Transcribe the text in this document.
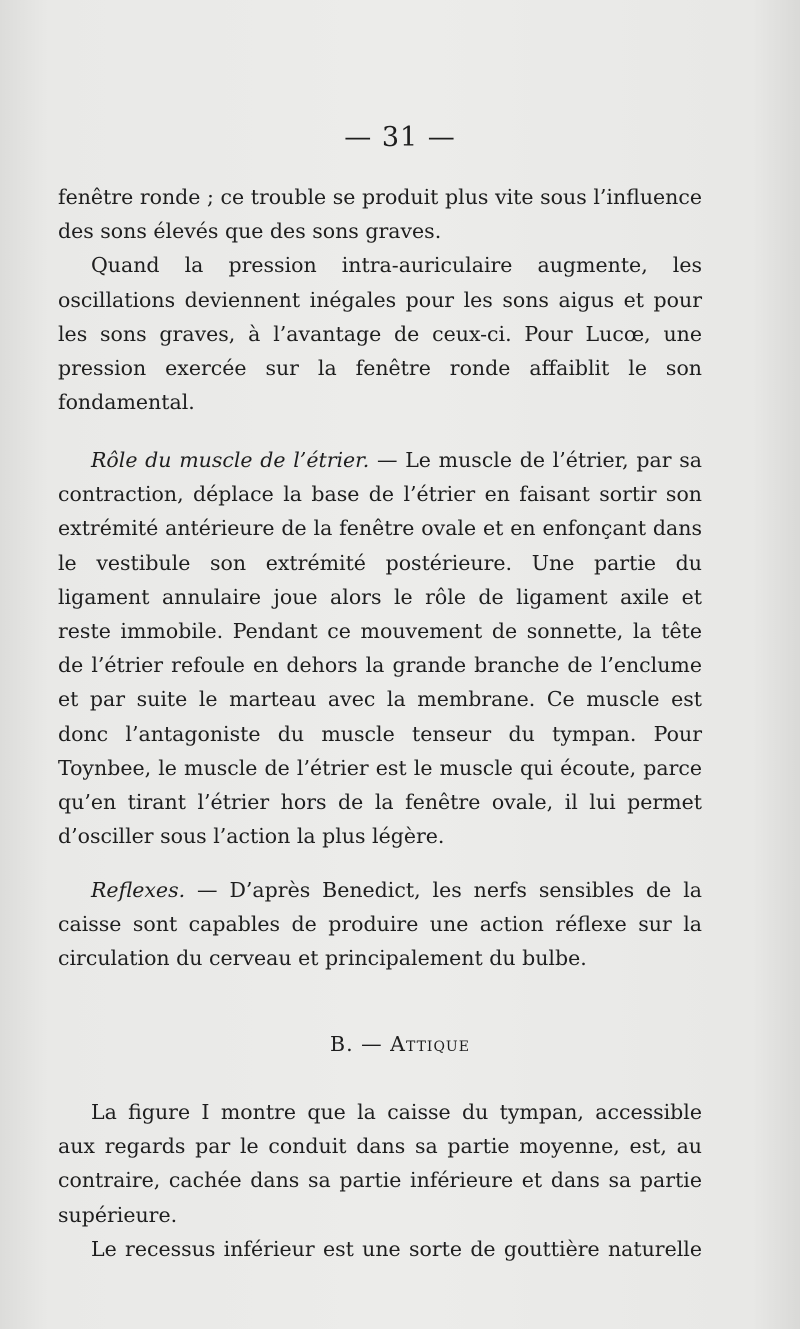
— 31 —

fenêtre ronde ; ce trouble se produit plus vite sous l’influence des sons élevés que des sons graves.

Quand la pression intra-auriculaire augmente, les oscillations deviennent inégales pour les sons aigus et pour les sons graves, à l’avantage de ceux-ci. Pour Lucœ, une pression exercée sur la fenêtre ronde affaiblit le son fondamental.

Rôle du muscle de l’étrier. — Le muscle de l’étrier, par sa contraction, déplace la base de l’étrier en faisant sortir son extrémité antérieure de la fenêtre ovale et en enfonçant dans le vestibule son extrémité postérieure. Une partie du ligament annulaire joue alors le rôle de ligament axile et reste immobile. Pendant ce mouvement de sonnette, la tête de l’étrier refoule en dehors la grande branche de l’enclume et par suite le marteau avec la membrane. Ce muscle est donc l’antagoniste du muscle tenseur du tympan. Pour Toynbee, le muscle de l’étrier est le muscle qui écoute, parce qu’en tirant l’étrier hors de la fenêtre ovale, il lui permet d’osciller sous l’action la plus légère.

Reflexes. — D’après Benedict, les nerfs sensibles de la caisse sont capables de produire une action réflexe sur la circulation du cerveau et principalement du bulbe.

B. — Attique

La figure I montre que la caisse du tympan, accessible aux regards par le conduit dans sa partie moyenne, est, au contraire, cachée dans sa partie inférieure et dans sa partie supérieure.

Le recessus inférieur est une sorte de gouttière naturelle
